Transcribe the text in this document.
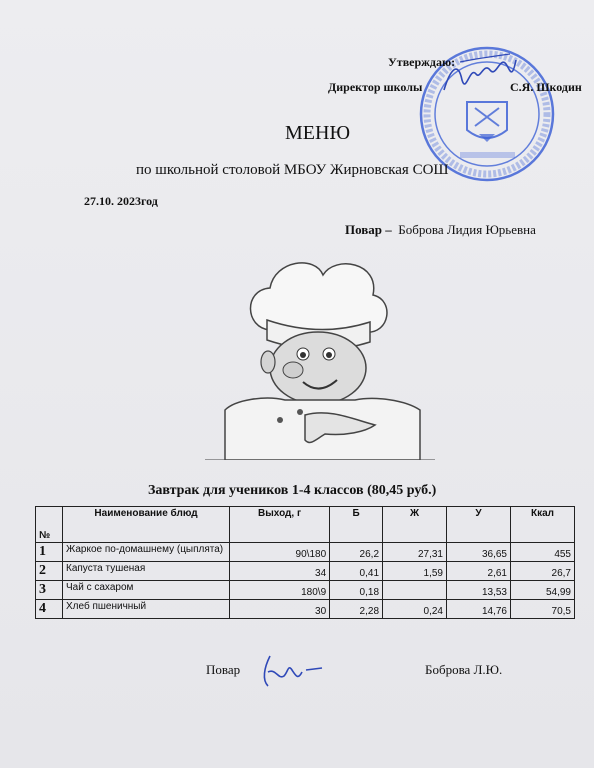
Утверждаю:
Директор школы	С.Я. Шкодин
МЕНЮ
по школьной столовой МБОУ Жирновская СОШ
27.10. 2023год
Повар – Боброва Лидия Юрьевна
Завтрак для учеников 1-4 классов (80,45 руб.)
№	Наименование блюд	Выход, г	Б	Ж	У	Ккал
1	Жаркое по-домашнему (цыплята)	90\180	26,2	27,31	36,65	455
2	Капуста тушеная	34	0,41	1,59	2,61	26,7
3	Чай с сахаром	180\9	0,18		13,53	54,99
4	Хлеб пшеничный	30	2,28	0,24	14,76	70,5
Повар	Боброва Л.Ю.
